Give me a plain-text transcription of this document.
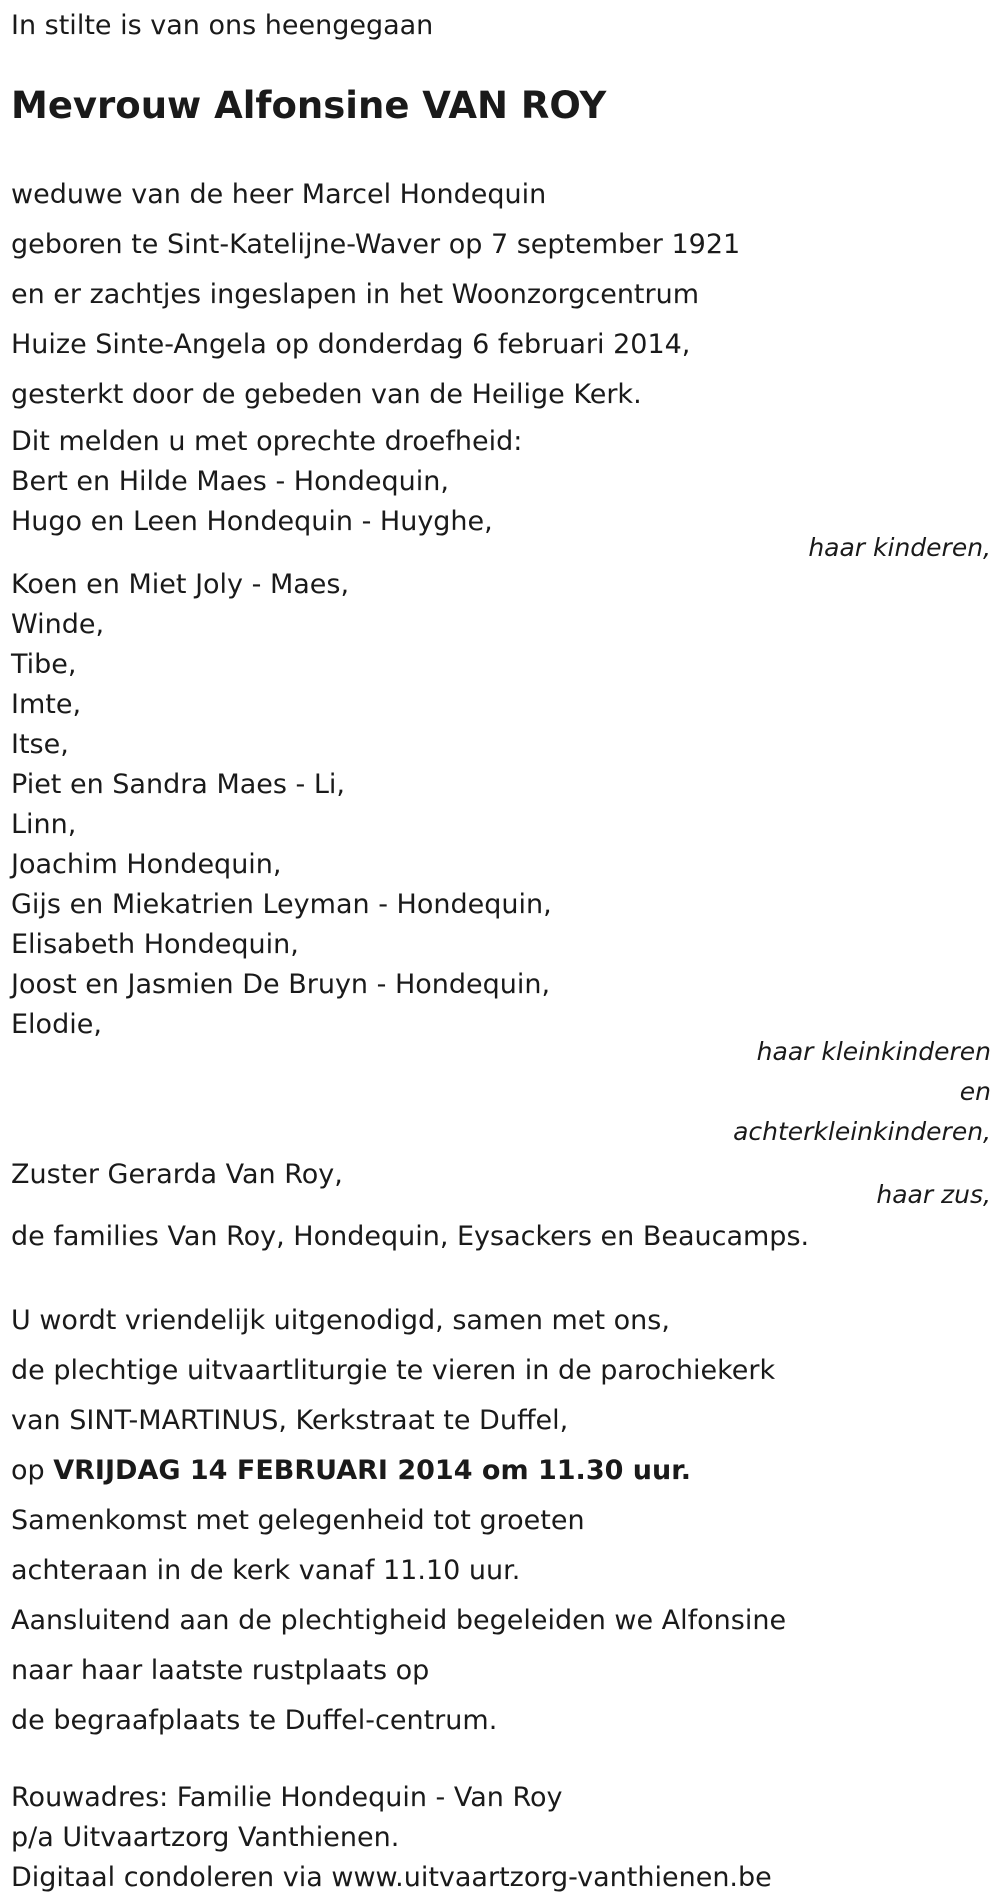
In stilte is van ons heengegaan
Mevrouw Alfonsine VAN ROY
weduwe van de heer Marcel Hondequin
geboren te Sint-Katelijne-Waver op 7 september 1921
en er zachtjes ingeslapen in het Woonzorgcentrum
Huize Sinte-Angela op donderdag 6 februari 2014,
gesterkt door de gebeden van de Heilige Kerk.
Dit melden u met oprechte droefheid:
Bert en Hilde Maes - Hondequin,
Hugo en Leen Hondequin - Huyghe,
haar kinderen,
Koen en Miet Joly - Maes,
Winde,
Tibe,
Imte,
Itse,
Piet en Sandra Maes - Li,
Linn,
Joachim Hondequin,
Gijs en Miekatrien Leyman - Hondequin,
Elisabeth Hondequin,
Joost en Jasmien De Bruyn - Hondequin,
Elodie,
haar kleinkinderen
en
achterkleinkinderen,
Zuster Gerarda Van Roy,
haar zus,
de families Van Roy, Hondequin, Eysackers en Beaucamps.
U wordt vriendelijk uitgenodigd, samen met ons,
de plechtige uitvaartliturgie te vieren in de parochiekerk
van SINT-MARTINUS, Kerkstraat te Duffel,
op VRIJDAG 14 FEBRUARI 2014 om 11.30 uur.
Samenkomst met gelegenheid tot groeten
achteraan in de kerk vanaf 11.10 uur.
Aansluitend aan de plechtigheid begeleiden we Alfonsine
naar haar laatste rustplaats op
de begraafplaats te Duffel-centrum.
Rouwadres: Familie Hondequin - Van Roy
p/a Uitvaartzorg Vanthienen.
Digitaal condoleren via www.uitvaartzorg-vanthienen.be
